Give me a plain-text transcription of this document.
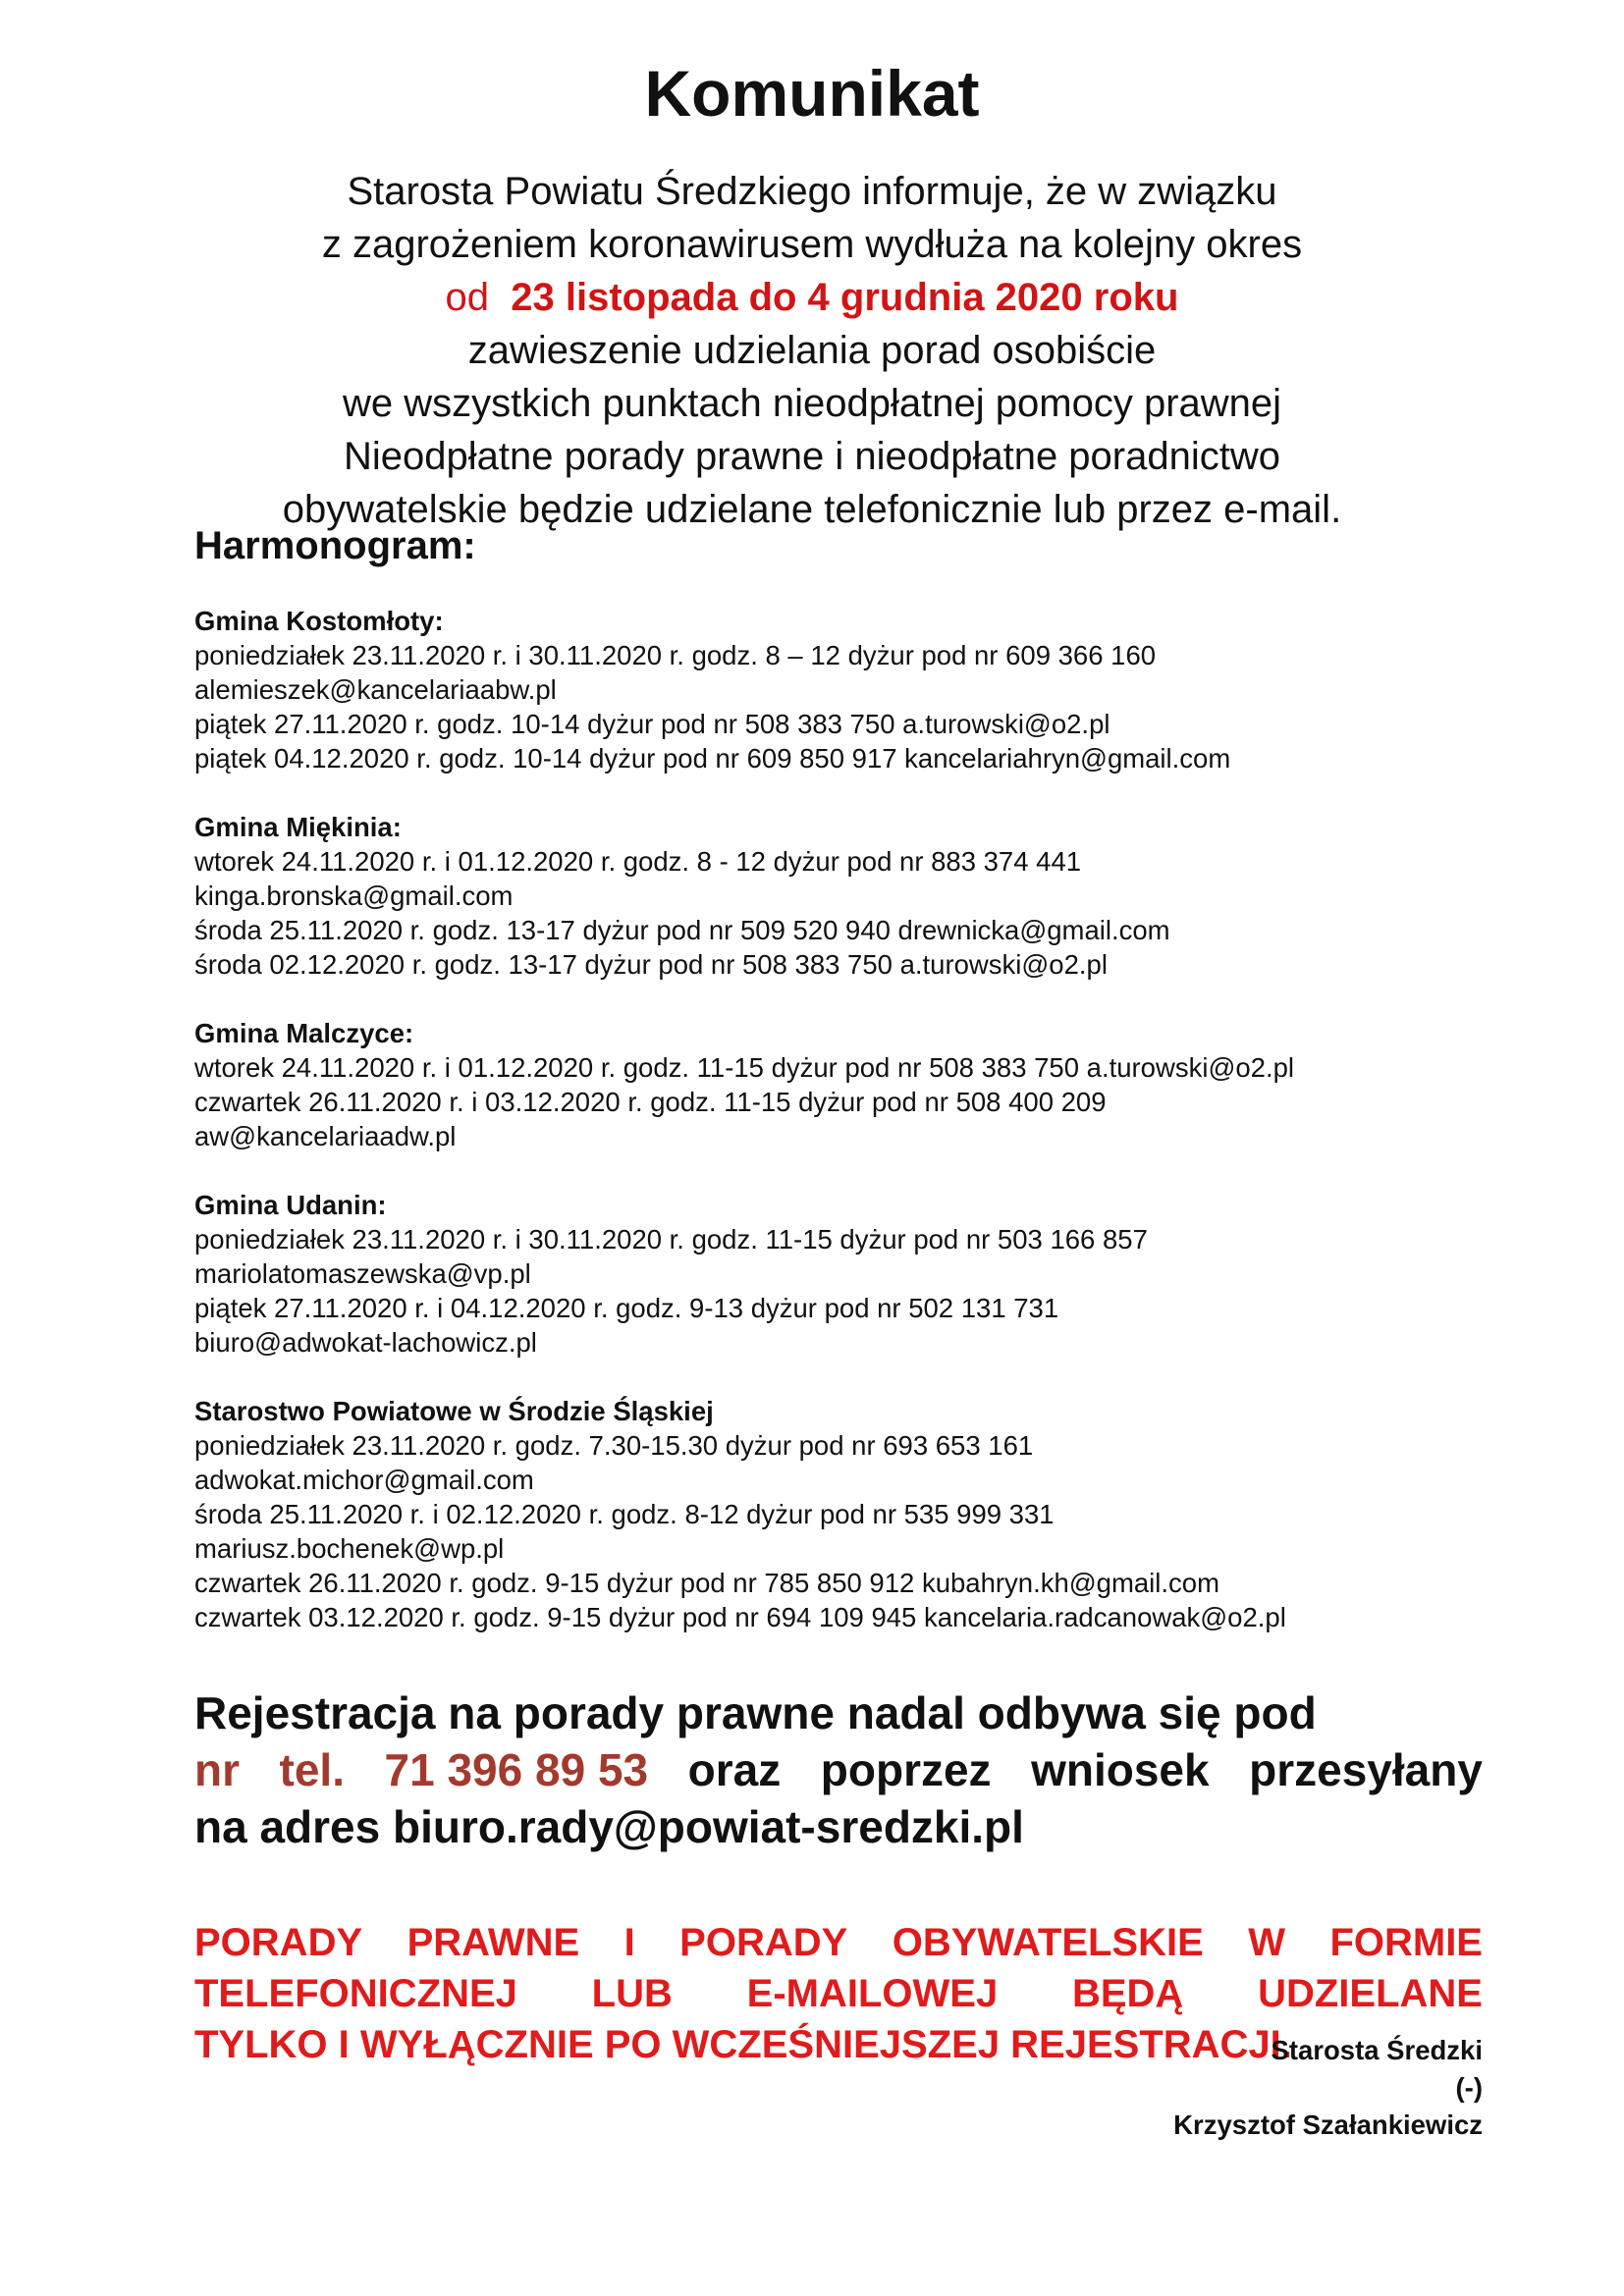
Komunikat
Starosta Powiatu Średzkiego informuje, że w związku
z zagrożeniem koronawirusem wydłuża na kolejny okres
od 23 listopada do 4 grudnia 2020 roku
zawieszenie udzielania porad osobiście
we wszystkich punktach nieodpłatnej pomocy prawnej
Nieodpłatne porady prawne i nieodpłatne poradnictwo
obywatelskie będzie udzielane telefonicznie lub przez e-mail.
Harmonogram:
Gmina Kostomłoty:
poniedziałek 23.11.2020 r. i 30.11.2020 r. godz. 8 – 12 dyżur pod nr 609 366 160
alemieszek@kancelariaabw.pl
piątek 27.11.2020 r. godz. 10-14 dyżur pod nr 508 383 750 a.turowski@o2.pl
piątek 04.12.2020 r. godz. 10-14 dyżur pod nr 609 850 917 kancelariahryn@gmail.com
Gmina Miękinia:
wtorek 24.11.2020 r. i 01.12.2020 r. godz. 8 - 12 dyżur pod nr 883 374 441
kinga.bronska@gmail.com
środa 25.11.2020 r. godz. 13-17 dyżur pod nr 509 520 940 drewnicka@gmail.com
środa 02.12.2020 r. godz. 13-17 dyżur pod nr 508 383 750 a.turowski@o2.pl
Gmina Malczyce:
wtorek 24.11.2020 r. i 01.12.2020 r. godz. 11-15 dyżur pod nr 508 383 750 a.turowski@o2.pl
czwartek 26.11.2020 r. i 03.12.2020 r. godz. 11-15 dyżur pod nr 508 400 209
aw@kancelariaadw.pl
Gmina Udanin:
poniedziałek 23.11.2020 r. i 30.11.2020 r. godz. 11-15 dyżur pod nr 503 166 857
mariolatomaszewska@vp.pl
piątek 27.11.2020 r. i 04.12.2020 r. godz. 9-13 dyżur pod nr 502 131 731
biuro@adwokat-lachowicz.pl
Starostwo Powiatowe w Środzie Śląskiej
poniedziałek 23.11.2020 r. godz. 7.30-15.30 dyżur pod nr 693 653 161
adwokat.michor@gmail.com
środa 25.11.2020 r. i 02.12.2020 r. godz. 8-12 dyżur pod nr 535 999 331
mariusz.bochenek@wp.pl
czwartek 26.11.2020 r. godz. 9-15 dyżur pod nr 785 850 912 kubahryn.kh@gmail.com
czwartek 03.12.2020 r. godz. 9-15 dyżur pod nr 694 109 945 kancelaria.radcanowak@o2.pl
Rejestracja na porady prawne nadal odbywa się pod
nr tel. 71 396 89 53 oraz poprzez wniosek przesyłany
na adres biuro.rady@powiat-sredzki.pl
PORADY PRAWNE I PORADY OBYWATELSKIE W FORMIE
TELEFONICZNEJ LUB E-MAILOWEJ BĘDĄ UDZIELANE
TYLKO I WYŁĄCZNIE PO WCZEŚNIEJSZEJ REJESTRACJI.
Starosta Średzki
(-)
Krzysztof Szałankiewicz
